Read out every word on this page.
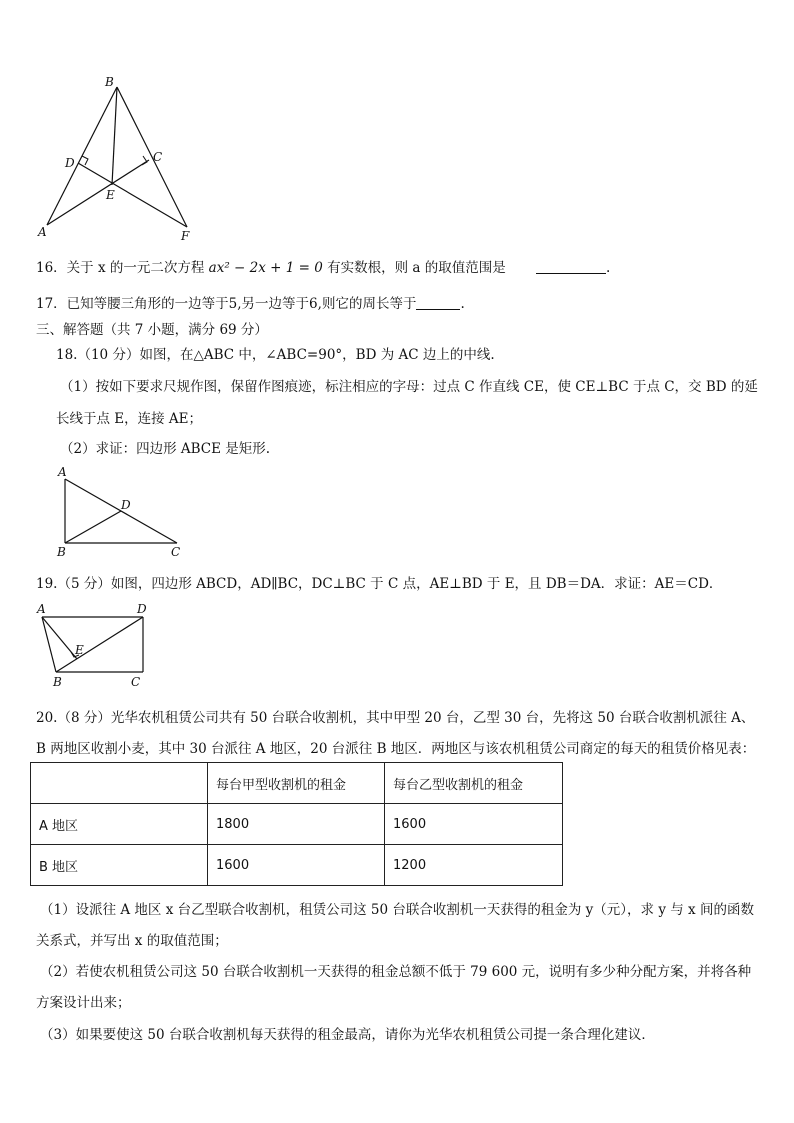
B
D	C
E
A	F
16．关于 x 的一元二次方程 ax² − 2x + 1 = 0 有实数根，则 a 的取值范围是	.
17．已知等腰三角形的一边等于5,另一边等于6,则它的周长等于	.
三、解答题（共 7 小题，满分 69 分）
18.（10 分）如图，在△ABC 中，∠ABC=90°，BD 为 AC 边上的中线.
（1）按如下要求尺规作图，保留作图痕迹，标注相应的字母：过点 C 作直线 CE，使 CE⊥BC 于点 C，交 BD 的延
长线于点 E，连接 AE；
（2）求证：四边形 ABCE 是矩形.
A
D
B	C
19.（5 分）如图，四边形 ABCD，AD∥BC，DC⊥BC 于 C 点，AE⊥BD 于 E，且 DB＝DA．求证：AE＝CD．
A	D
E
B	C
20.（8 分）光华农机租赁公司共有 50 台联合收割机，其中甲型 20 台，乙型 30 台，先将这 50 台联合收割机派往 A、
B 两地区收割小麦，其中 30 台派往 A 地区，20 台派往 B 地区．两地区与该农机租赁公司商定的每天的租赁价格见表：
	每台甲型收割机的租金	每台乙型收割机的租金
A 地区	1800	1600
B 地区	1600	1200
（1）设派往 A 地区 x 台乙型联合收割机，租赁公司这 50 台联合收割机一天获得的租金为 y（元），求 y 与 x 间的函数
关系式，并写出 x 的取值范围；
（2）若使农机租赁公司这 50 台联合收割机一天获得的租金总额不低于 79 600 元，说明有多少种分配方案，并将各种
方案设计出来；
（3）如果要使这 50 台联合收割机每天获得的租金最高，请你为光华农机租赁公司提一条合理化建议．
